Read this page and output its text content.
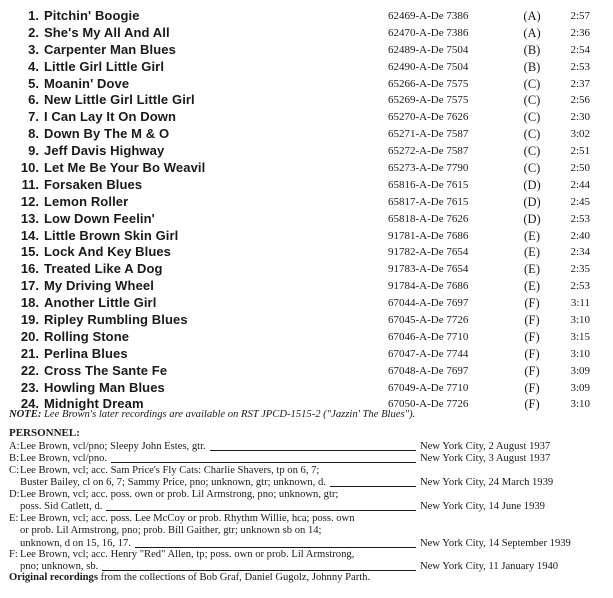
1. Pitchin' Boogie	62469-A-De 7386	(A)	2:57
2. She's My All And All	62470-A-De 7386	(A)	2:36
3. Carpenter Man Blues	62489-A-De 7504	(B)	2:54
4. Little Girl Little Girl	62490-A-De 7504	(B)	2:53
5. Moanin' Dove	65266-A-De 7575	(C)	2:37
6. New Little Girl Little Girl	65269-A-De 7575	(C)	2:56
7. I Can Lay It On Down	65270-A-De 7626	(C)	2:30
8. Down By The M & O	65271-A-De 7587	(C)	3:02
9. Jeff Davis Highway	65272-A-De 7587	(C)	2:51
10. Let Me Be Your Bo Weavil	65273-A-De 7790	(C)	2:50
11. Forsaken Blues	65816-A-De 7615	(D)	2:44
12. Lemon Roller	65817-A-De 7615	(D)	2:45
13. Low Down Feelin'	65818-A-De 7626	(D)	2:53
14. Little Brown Skin Girl	91781-A-De 7686	(E)	2:40
15. Lock And Key Blues	91782-A-De 7654	(E)	2:34
16. Treated Like A Dog	91783-A-De 7654	(E)	2:35
17. My Driving Wheel	91784-A-De 7686	(E)	2:53
18. Another Little Girl	67044-A-De 7697	(F)	3:11
19. Ripley Rumbling Blues	67045-A-De 7726	(F)	3:10
20. Rolling Stone	67046-A-De 7710	(F)	3:15
21. Perlina Blues	67047-A-De 7744	(F)	3:10
22. Cross The Sante Fe	67048-A-De 7697	(F)	3:09
23. Howling Man Blues	67049-A-De 7710	(F)	3:09
24. Midnight Dream	67050-A-De 7726	(F)	3:10
NOTE: Lee Brown's later recordings are available on RST JPCD-1515-2 ("Jazzin' The Blues").
PERSONNEL:
A: Lee Brown, vcl/pno; Sleepy John Estes, gtr.	New York City, 2 August 1937
B: Lee Brown, vcl/pno.	New York City, 3 August 1937
C: Lee Brown, vcl; acc. Sam Price's Fly Cats: Charlie Shavers, tp on 6, 7;
Buster Bailey, cl on 6, 7; Sammy Price, pno; unknown, gtr; unknown, d.	New York City, 24 March 1939
D: Lee Brown, vcl; acc. poss. own or prob. Lil Armstrong, pno; unknown, gtr;
poss. Sid Catlett, d.	New York City, 14 June 1939
E: Lee Brown, vcl; acc. poss. Lee McCoy or prob. Rhythm Willie, hca; poss. own
or prob. Lil Armstrong, pno; prob. Bill Gaither, gtr; unknown sb on 14;
unknown, d on 15, 16, 17.	New York City, 14 September 1939
F: Lee Brown, vcl; acc. Henry "Red" Allen, tp; poss. own or prob. Lil Armstrong,
pno; unknown, sb.	New York City, 11 January 1940
Original recordings from the collections of Bob Graf, Daniel Gugolz, Johnny Parth.
